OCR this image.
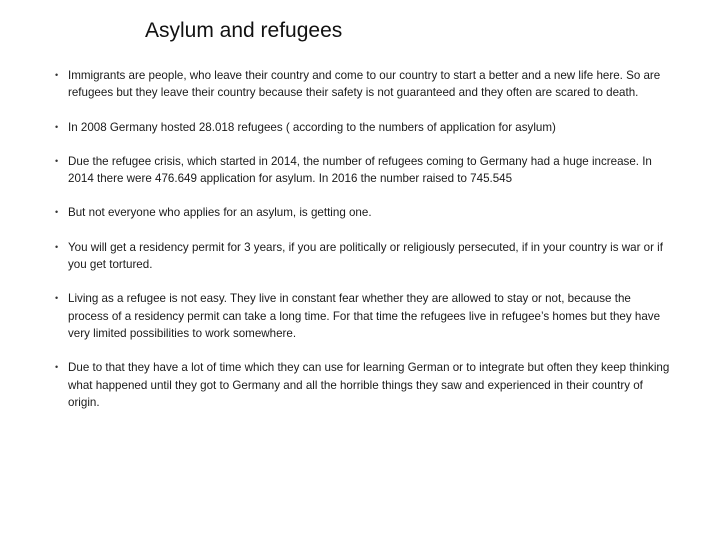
Asylum and refugees
• Immigrants are people, who leave their country and come to our country to start a better and a new life here. So are refugees but they leave their country because their safety is not guaranteed and they often are scared to death.
• In 2008 Germany hosted 28.018 refugees ( according to the numbers of application for asylum)
• Due the refugee crisis, which started in 2014, the number of refugees coming to Germany had a huge increase. In 2014 there were 476.649 application for asylum. In 2016 the number raised to 745.545
• But not everyone who applies for an asylum, is getting one.
• You will get a residency permit for 3 years, if you are politically or religiously persecuted, if in your country is war or if you get tortured.
• Living as a refugee is not easy. They live in constant fear whether they are allowed to stay or not, because the process of a residency permit can take a long time. For that time the refugees live in refugee’s homes but they have very limited possibilities to work somewhere.
• Due to that they have a lot of time which they can use for learning German or to integrate but often they keep thinking what happened until they got to Germany and all the horrible things they saw and experienced in their country of origin.
